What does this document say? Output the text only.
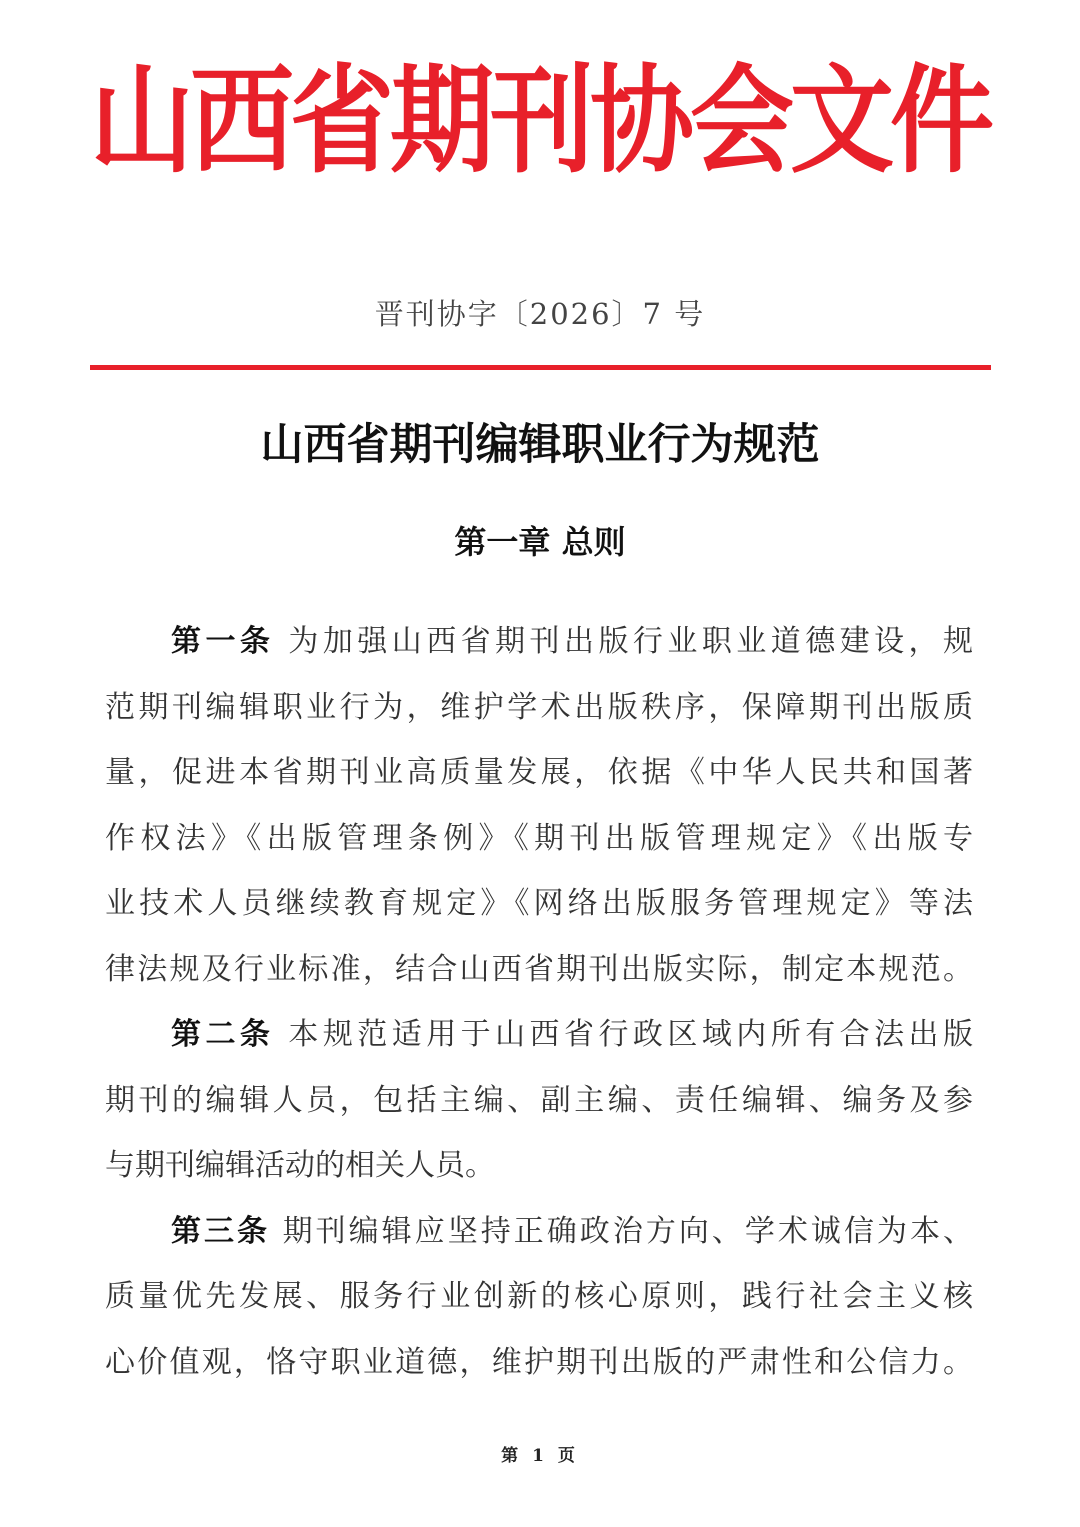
山西省期刊协会文件
晋刊协字〔2026〕7 号
山西省期刊编辑职业行为规范
第一章 总则
第一条 为加强山西省期刊出版行业职业道德建设，规
范期刊编辑职业行为，维护学术出版秩序，保障期刊出版质
量，促进本省期刊业高质量发展，依据《中华人民共和国著
作权法》《出版管理条例》《期刊出版管理规定》《出版专
业技术人员继续教育规定》《网络出版服务管理规定》等法
律法规及行业标准，结合山西省期刊出版实际，制定本规范。
第二条 本规范适用于山西省行政区域内所有合法出版
期刊的编辑人员，包括主编、副主编、责任编辑、编务及参
与期刊编辑活动的相关人员。
第三条 期刊编辑应坚持正确政治方向、学术诚信为本、
质量优先发展、服务行业创新的核心原则，践行社会主义核
心价值观，恪守职业道德，维护期刊出版的严肃性和公信力。
第 1 页
